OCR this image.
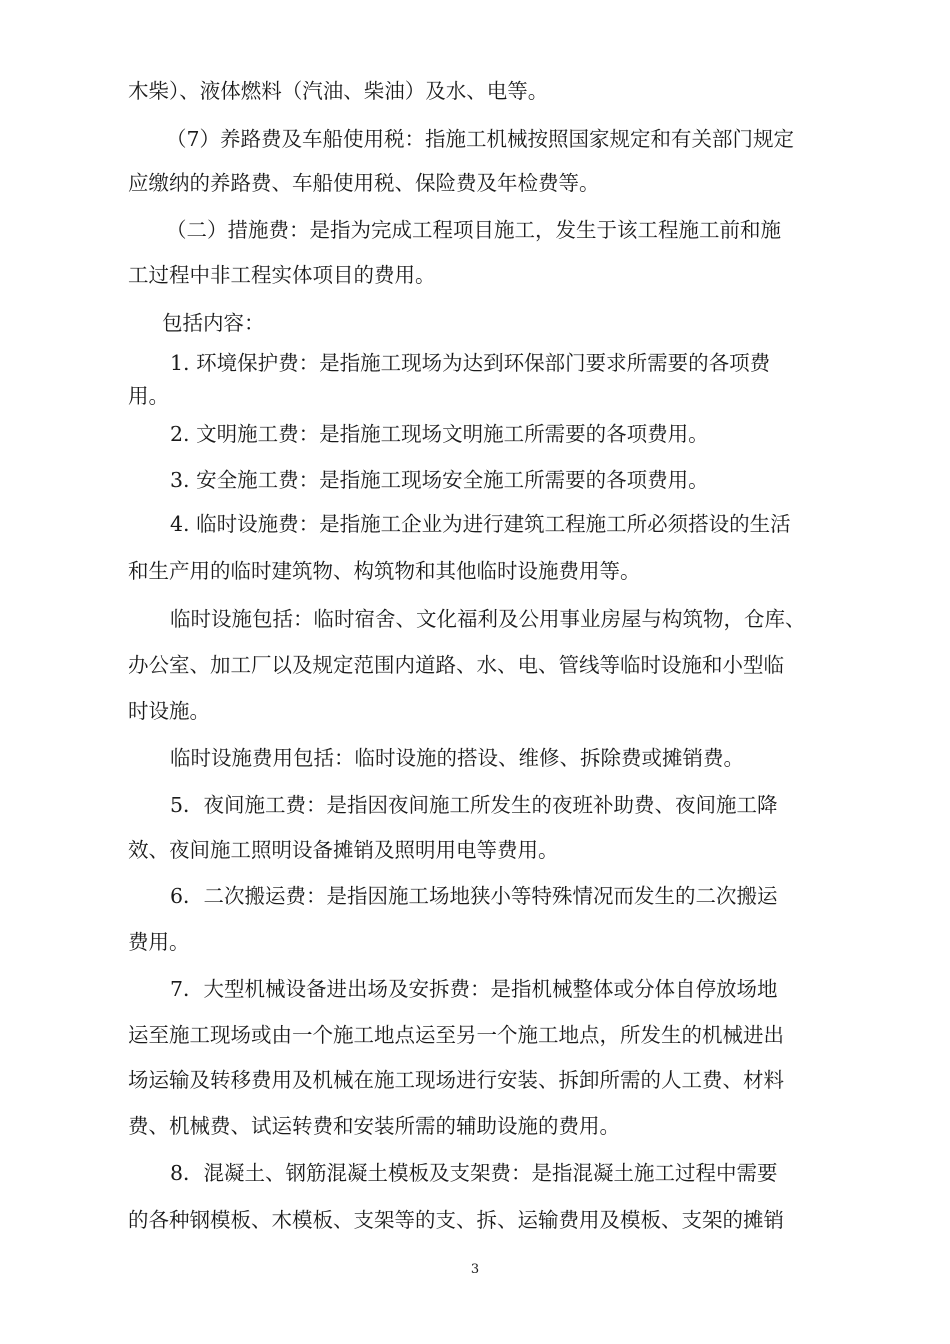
木柴）、液体燃料（汽油、柴油）及水、电等。
（7）养路费及车船使用税：指施工机械按照国家规定和有关部门规定
应缴纳的养路费、车船使用税、保险费及年检费等。
（二）措施费：是指为完成工程项目施工，发生于该工程施工前和施
工过程中非工程实体项目的费用。
包括内容：
1. 环境保护费：是指施工现场为达到环保部门要求所需要的各项费
用。
2. 文明施工费：是指施工现场文明施工所需要的各项费用。
3. 安全施工费：是指施工现场安全施工所需要的各项费用。
4. 临时设施费：是指施工企业为进行建筑工程施工所必须搭设的生活
和生产用的临时建筑物、构筑物和其他临时设施费用等。
临时设施包括：临时宿舍、文化福利及公用事业房屋与构筑物，仓库、
办公室、加工厂以及规定范围内道路、水、电、管线等临时设施和小型临
时设施。
临时设施费用包括：临时设施的搭设、维修、拆除费或摊销费。
5．夜间施工费：是指因夜间施工所发生的夜班补助费、夜间施工降
效、夜间施工照明设备摊销及照明用电等费用。
6．二次搬运费：是指因施工场地狭小等特殊情况而发生的二次搬运
费用。
7．大型机械设备进出场及安拆费：是指机械整体或分体自停放场地
运至施工现场或由一个施工地点运至另一个施工地点，所发生的机械进出
场运输及转移费用及机械在施工现场进行安装、拆卸所需的人工费、材料
费、机械费、试运转费和安装所需的辅助设施的费用。
8．混凝土、钢筋混凝土模板及支架费：是指混凝土施工过程中需要
的各种钢模板、木模板、支架等的支、拆、运输费用及模板、支架的摊销
3
